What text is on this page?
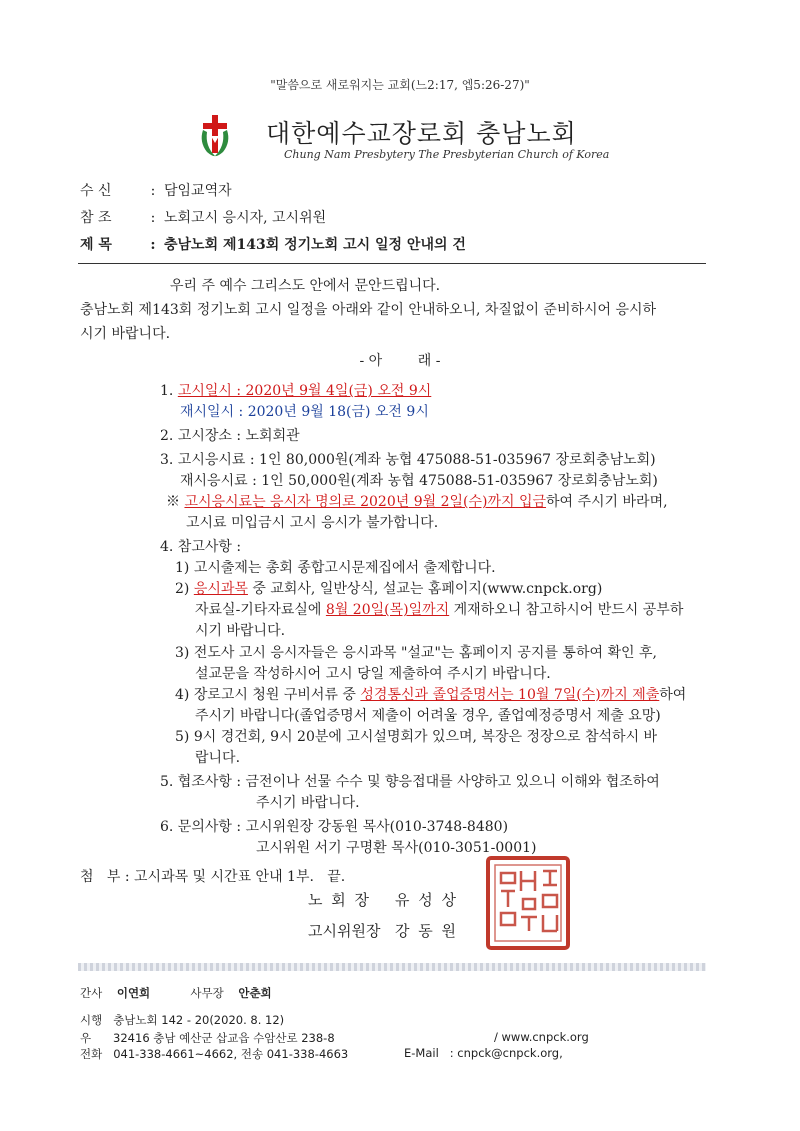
"말씀으로 새로워지는 교회(느2:17, 엡5:26-27)"
대한예수교장로회 충남노회
Chung Nam Presbytery The Presbyterian Church of Korea
수 신	: 담임교역자
참 조	: 노회고시 응시자, 고시위원
제 목	: 충남노회 제143회 정기노회 고시 일정 안내의 건
우리 주 예수 그리스도 안에서 문안드립니다.
충남노회 제143회 정기노회 고시 일정을 아래와 같이 안내하오니, 차질없이 준비하시어 응시하
시기 바랍니다.
- 아        래 -
1. 고시일시 : 2020년 9월 4일(금) 오전 9시
재시일시 : 2020년 9월 18(금) 오전 9시
2. 고시장소 : 노회회관
3. 고시응시료 : 1인 80,000원(계좌 농협 475088-51-035967 장로회충남노회)
재시응시료 : 1인 50,000원(계좌 농협 475088-51-035967 장로회충남노회)
※ 고시응시료는 응시자 명의로 2020년 9월 2일(수)까지 입금하여 주시기 바라며,
고시료 미입금시 고시 응시가 불가합니다.
4. 참고사항 :
1) 고시출제는 총회 종합고시문제집에서 출제합니다.
2) 응시과목 중 교회사, 일반상식, 설교는 홈페이지(www.cnpck.org)
자료실-기타자료실에 8월 20일(목)일까지 게재하오니 참고하시어 반드시 공부하
시기 바랍니다.
3) 전도사 고시 응시자들은 응시과목 "설교"는 홈페이지 공지를 통하여 확인 후,
설교문을 작성하시어 고시 당일 제출하여 주시기 바랍니다.
4) 장로고시 청원 구비서류 중 성경통신과 졸업증명서는 10월 7일(수)까지 제출하여
주시기 바랍니다(졸업증명서 제출이 어려울 경우, 졸업예정증명서 제출 요망)
5) 9시 경건회, 9시 20분에 고시설명회가 있으며, 복장은 정장으로 참석하시 바
랍니다.
5. 협조사항 : 금전이나 선물 수수 및 향응접대를 사양하고 있으니 이해와 협조하여
주시기 바랍니다.
6. 문의사항 : 고시위원장 강동원 목사(010-3748-8480)
고시위원 서기 구명환 목사(010-3051-0001)
첨   부 : 고시과목 및 시간표 안내 1부.   끝.
노 회 장 유 성 상
고시위원장 강 동 원
간사 이연희	사무장 안춘희
시행 충남노회 142 - 20(2020. 8. 12)
우 32416 충남 예산군 삽교읍 수암산로 238-8	/ www.cnpck.org
전화 041-338-4661~4662, 전송 041-338-4663	E-Mail : cnpck@cnpck.org,
